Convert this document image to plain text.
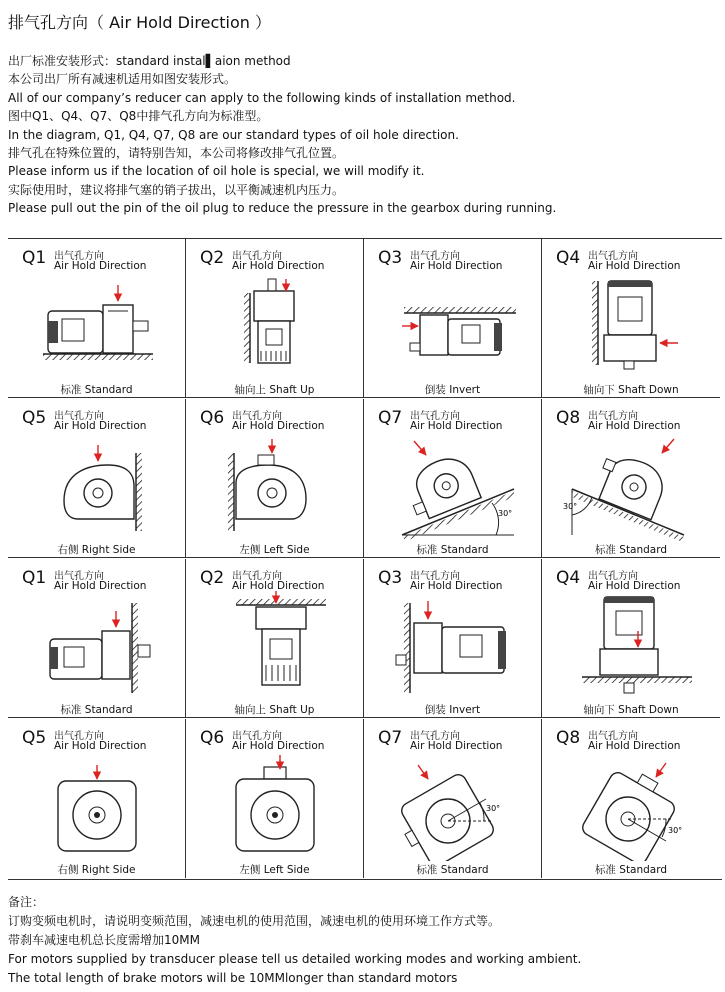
排气孔方向（ Air Hold Direction ）

出厂标准安装形式：standard instal▌aion method

本公司出厂所有减速机适用如图安装形式。

All of our company’s reducer can apply to the following kinds of installation method.

图中Q1、Q4、Q7、Q8中排气孔方向为标准型。

In the diagram, Q1, Q4, Q7, Q8 are our standard types of oil hole direction.

排气孔在特殊位置的，请特别告知，本公司将修改排气孔位置。

Please inform us if the location of oil hole is special, we will modify it.

实际使用时，建议将排气塞的销子拔出，以平衡减速机内压力。

Please pull out the pin of the oil plug to reduce the pressure in the gearbox during running.

Q1 出气孔方向
Air Hold Direction
标准 Standard
Q2 出气孔方向
Air Hold Direction
轴向上 Shaft Up
Q3 出气孔方向
Air Hold Direction
倒装 Invert
Q4 出气孔方向
Air Hold Direction
轴向下 Shaft Down
Q5 出气孔方向
Air Hold Direction
右侧 Right Side
Q6 出气孔方向
Air Hold Direction
左侧 Left Side
Q7 出气孔方向
Air Hold Direction
30°
标准 Standard
Q8 出气孔方向
Air Hold Direction
30°
标准 Standard
Q1 出气孔方向
Air Hold Direction
标准 Standard
Q2 出气孔方向
Air Hold Direction
轴向上 Shaft Up
Q3 出气孔方向
Air Hold Direction
倒装 Invert
Q4 出气孔方向
Air Hold Direction
轴向下 Shaft Down
Q5 出气孔方向
Air Hold Direction
右侧 Right Side
Q6 出气孔方向
Air Hold Direction
左侧 Left Side
Q7 出气孔方向
Air Hold Direction
30°
标准 Standard
Q8 出气孔方向
Air Hold Direction
30°
标准 Standard

备注：

订购变频电机时，请说明变频范围，减速电机的使用范围，减速电机的使用环境工作方式等。

带刹车减速电机总长度需增加10MM

For motors supplied by transducer please tell us detailed working modes and working ambient.

The total length of brake motors will be 10MMlonger than standard motors
